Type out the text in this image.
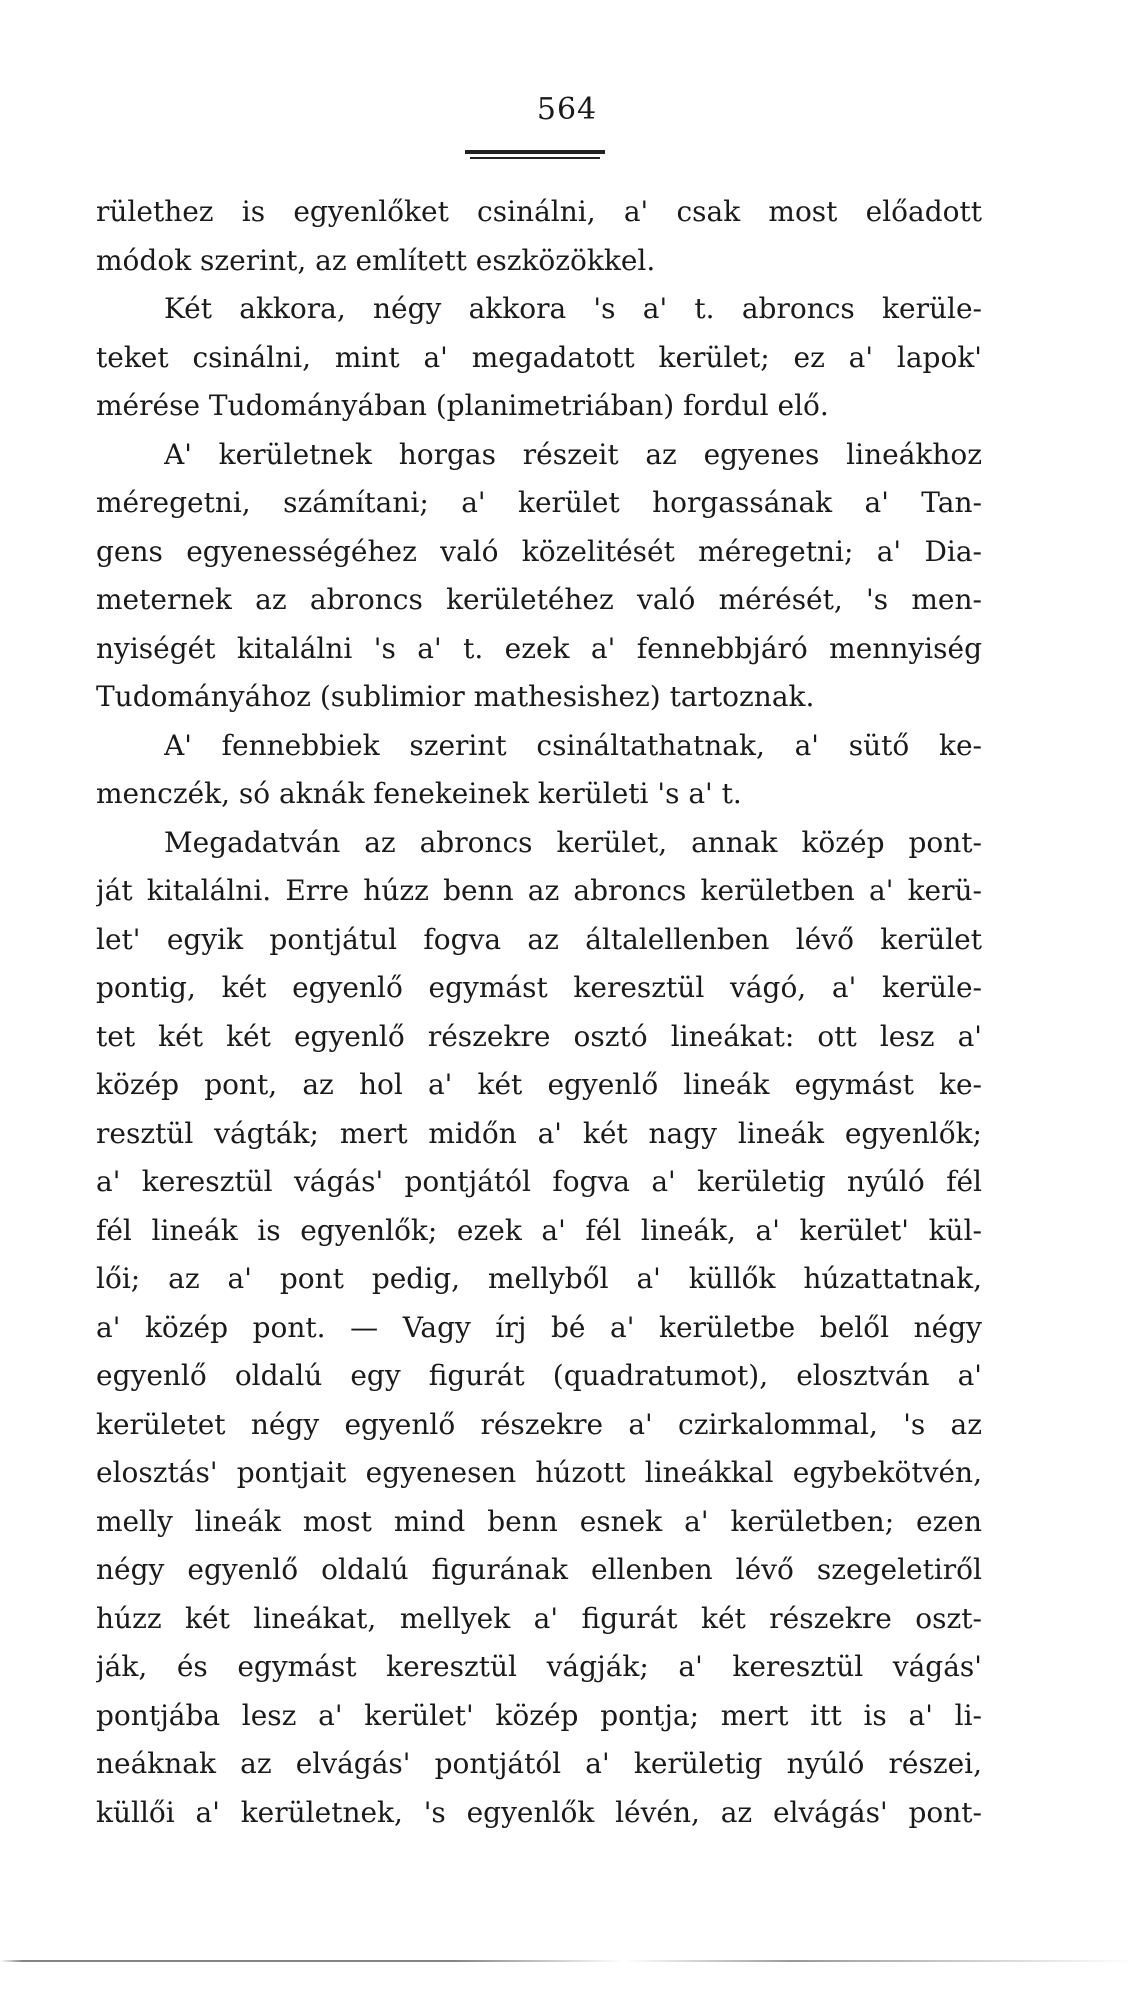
564
rülethez is egyenlőket csinálni, a' csak most előadott
módok szerint, az említett eszközökkel.
Két akkora, négy akkora 's a' t. abroncs kerüle-
teket csinálni, mint a' megadatott kerület; ez a' lapok'
mérése Tudományában (planimetriában) fordul elő.
A' kerületnek horgas részeit az egyenes lineákhoz
méregetni, számítani; a' kerület horgassának a' Tan-
gens egyenességéhez való közelitését méregetni; a' Dia-
meternek az abroncs kerületéhez való mérését, 's men-
nyiségét kitalálni 's a' t. ezek a' fennebbjáró mennyiség
Tudományához (sublimior mathesishez) tartoznak.
A' fennebbiek szerint csináltathatnak, a' sütő ke-
menczék, só aknák fenekeinek kerületi 's a' t.
Megadatván az abroncs kerület, annak közép pont-
ját kitalálni. Erre húzz benn az abroncs kerületben a' kerü-
let' egyik pontjátul fogva az általellenben lévő kerület
pontig, két egyenlő egymást keresztül vágó, a' kerüle-
tet két két egyenlő részekre osztó lineákat: ott lesz a'
közép pont, az hol a' két egyenlő lineák egymást ke-
resztül vágták; mert midőn a' két nagy lineák egyenlők;
a' keresztül vágás' pontjától fogva a' kerületig nyúló fél
fél lineák is egyenlők; ezek a' fél lineák, a' kerület' kül-
lői; az a' pont pedig, mellyből a' küllők húzattatnak,
a' közép pont. — Vagy írj bé a' kerületbe belől négy
egyenlő oldalú egy figurát (quadratumot), elosztván a'
kerületet négy egyenlő részekre a' czirkalommal, 's az
elosztás' pontjait egyenesen húzott lineákkal egybekötvén,
melly lineák most mind benn esnek a' kerületben; ezen
négy egyenlő oldalú figurának ellenben lévő szegeletiről
húzz két lineákat, mellyek a' figurát két részekre oszt-
ják, és egymást keresztül vágják; a' keresztül vágás'
pontjába lesz a' kerület' közép pontja; mert itt is a' li-
neáknak az elvágás' pontjától a' kerületig nyúló részei,
küllői a' kerületnek, 's egyenlők lévén, az elvágás' pont-
